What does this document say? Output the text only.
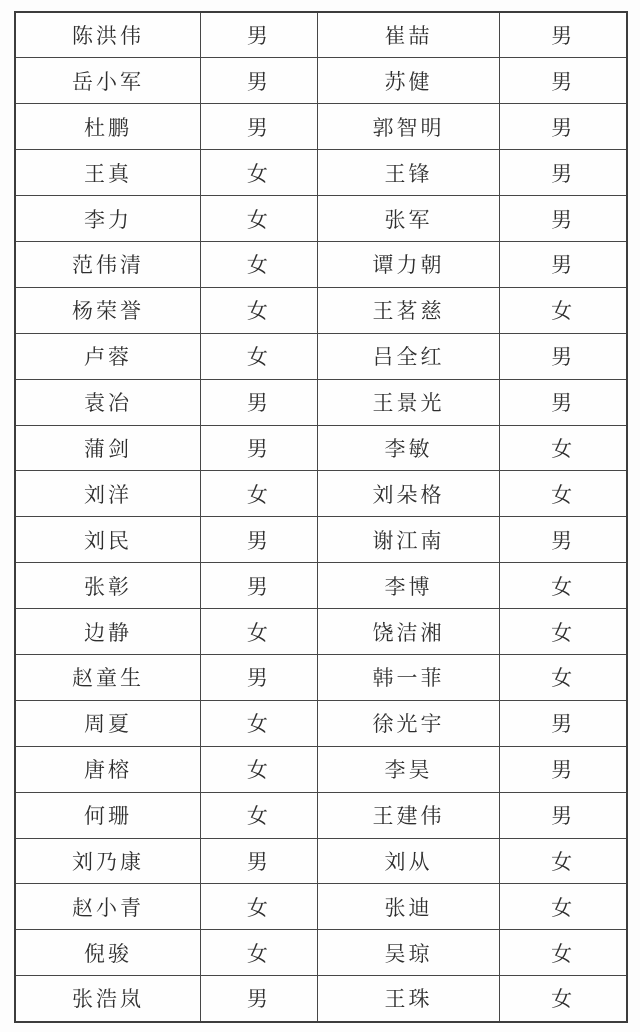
陈洪伟	男	崔喆	男
岳小军	男	苏健	男
杜鹏	男	郭智明	男
王真	女	王锋	男
李力	女	张军	男
范伟清	女	谭力朝	男
杨荣誉	女	王茗慈	女
卢蓉	女	吕全红	男
袁冶	男	王景光	男
蒲剑	男	李敏	女
刘洋	女	刘朵格	女
刘民	男	谢江南	男
张彰	男	李博	女
边静	女	饶洁湘	女
赵童生	男	韩一菲	女
周夏	女	徐光宇	男
唐榕	女	李昊	男
何珊	女	王建伟	男
刘乃康	男	刘从	女
赵小青	女	张迪	女
倪骏	女	吴琼	女
张浩岚	男	王珠	女
